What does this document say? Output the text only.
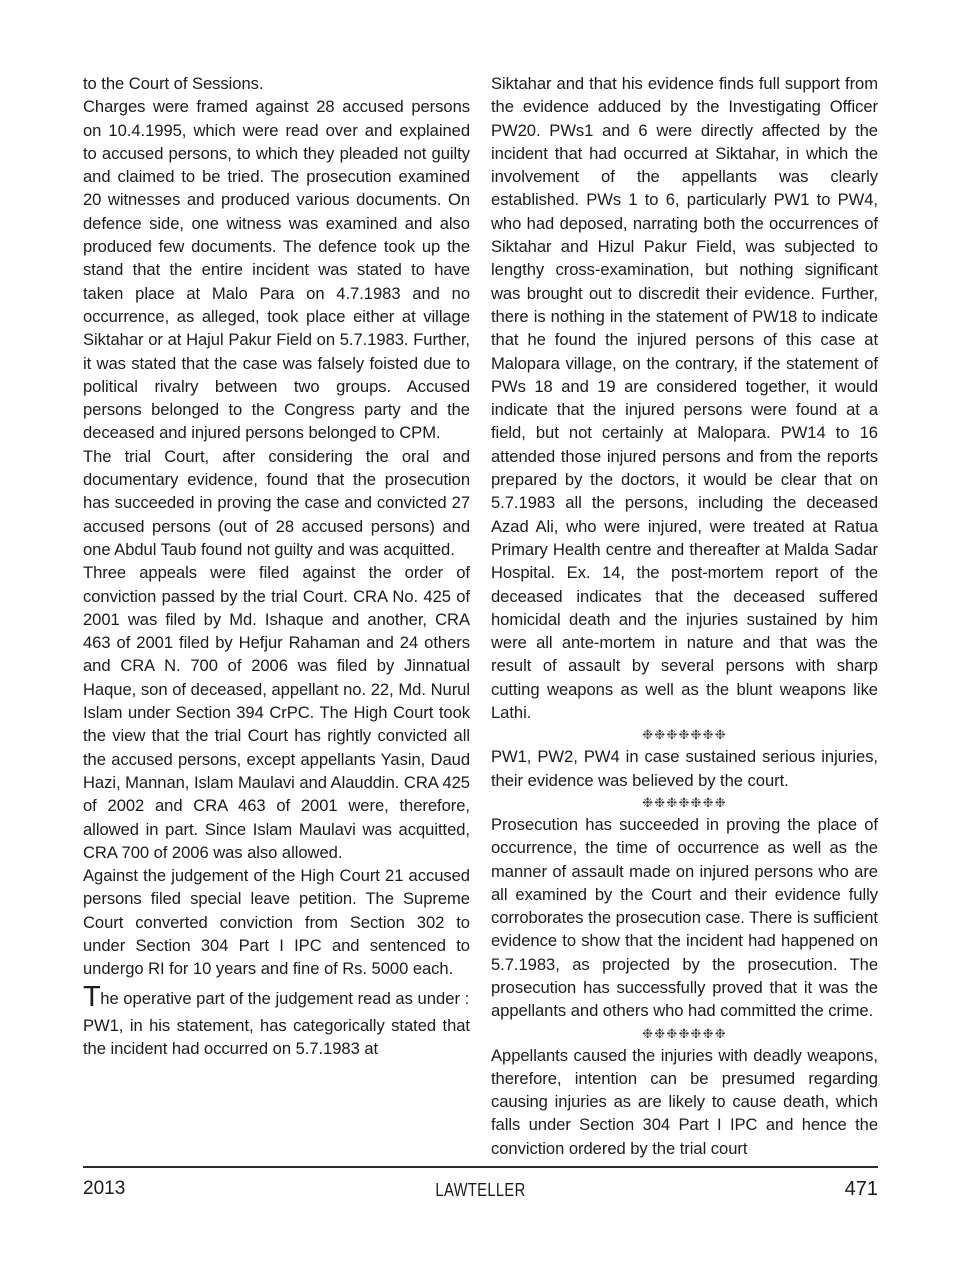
to the Court of Sessions.

Charges were framed against 28 accused persons on 10.4.1995, which were read over and explained to accused persons, to which they pleaded not guilty and claimed to be tried. The prosecution examined 20 witnesses and produced various documents. On defence side, one witness was examined and also produced few documents. The defence took up the stand that the entire incident was stated to have taken place at Malo Para on 4.7.1983 and no occurrence, as alleged, took place either at village Siktahar or at Hajul Pakur Field on 5.7.1983. Further, it was stated that the case was falsely foisted due to political rivalry between two groups. Accused persons belonged to the Congress party and the deceased and injured persons belonged to CPM.

The trial Court, after considering the oral and documentary evidence, found that the prosecution has succeeded in proving the case and convicted 27 accused persons (out of 28 accused persons) and one Abdul Taub found not guilty and was acquitted.

Three appeals were filed against the order of conviction passed by the trial Court. CRA No. 425 of 2001 was filed by Md. Ishaque and another, CRA 463 of 2001 filed by Hefjur Rahaman and 24 others and CRA N. 700 of 2006 was filed by Jinnatual Haque, son of deceased, appellant no. 22, Md. Nurul Islam under Section 394 CrPC. The High Court took the view that the trial Court has rightly convicted all the accused persons, except appellants Yasin, Daud Hazi, Mannan, Islam Maulavi and Alauddin. CRA 425 of 2002 and CRA 463 of 2001 were, therefore, allowed in part. Since Islam Maulavi was acquitted, CRA 700 of 2006 was also allowed.

Against the judgement of the High Court 21 accused persons filed special leave petition. The Supreme Court converted conviction from Section 302 to under Section 304 Part I IPC and sentenced to undergo RI for 10 years and fine of Rs. 5000 each.

The operative part of the judgement read as under :

PW1, in his statement, has categorically stated that the incident had occurred on 5.7.1983 at

Siktahar and that his evidence finds full support from the evidence adduced by the Investigating Officer PW20. PWs1 and 6 were directly affected by the incident that had occurred at Siktahar, in which the involvement of the appellants was clearly established. PWs 1 to 6, particularly PW1 to PW4, who had deposed, narrating both the occurrences of Siktahar and Hizul Pakur Field, was subjected to lengthy cross-examination, but nothing significant was brought out to discredit their evidence. Further, there is nothing in the statement of PW18 to indicate that he found the injured persons of this case at Malopara village, on the contrary, if the statement of PWs 18 and 19 are considered together, it would indicate that the injured persons were found at a field, but not certainly at Malopara. PW14 to 16 attended those injured persons and from the reports prepared by the doctors, it would be clear that on 5.7.1983 all the persons, including the deceased Azad Ali, who were injured, were treated at Ratua Primary Health centre and thereafter at Malda Sadar Hospital. Ex. 14, the post-mortem report of the deceased indicates that the deceased suffered homicidal death and the injuries sustained by him were all ante-mortem in nature and that was the result of assault by several persons with sharp cutting weapons as well as the blunt weapons like Lathi.

❉❉❉❉❉❉❉

PW1, PW2, PW4 in case sustained serious injuries, their evidence was believed by the court.

❉❉❉❉❉❉❉

Prosecution has succeeded in proving the place of occurrence, the time of occurrence as well as the manner of assault made on injured persons who are all examined by the Court and their evidence fully corroborates the prosecution case. There is sufficient evidence to show that the incident had happened on 5.7.1983, as projected by the prosecution. The prosecution has successfully proved that it was the appellants and others who had committed the crime.

❉❉❉❉❉❉❉

Appellants caused the injuries with deadly weapons, therefore, intention can be presumed regarding causing injuries as are likely to cause death, which falls under Section 304 Part I IPC and hence the conviction ordered by the trial court

2013	LAWTELLER	471
